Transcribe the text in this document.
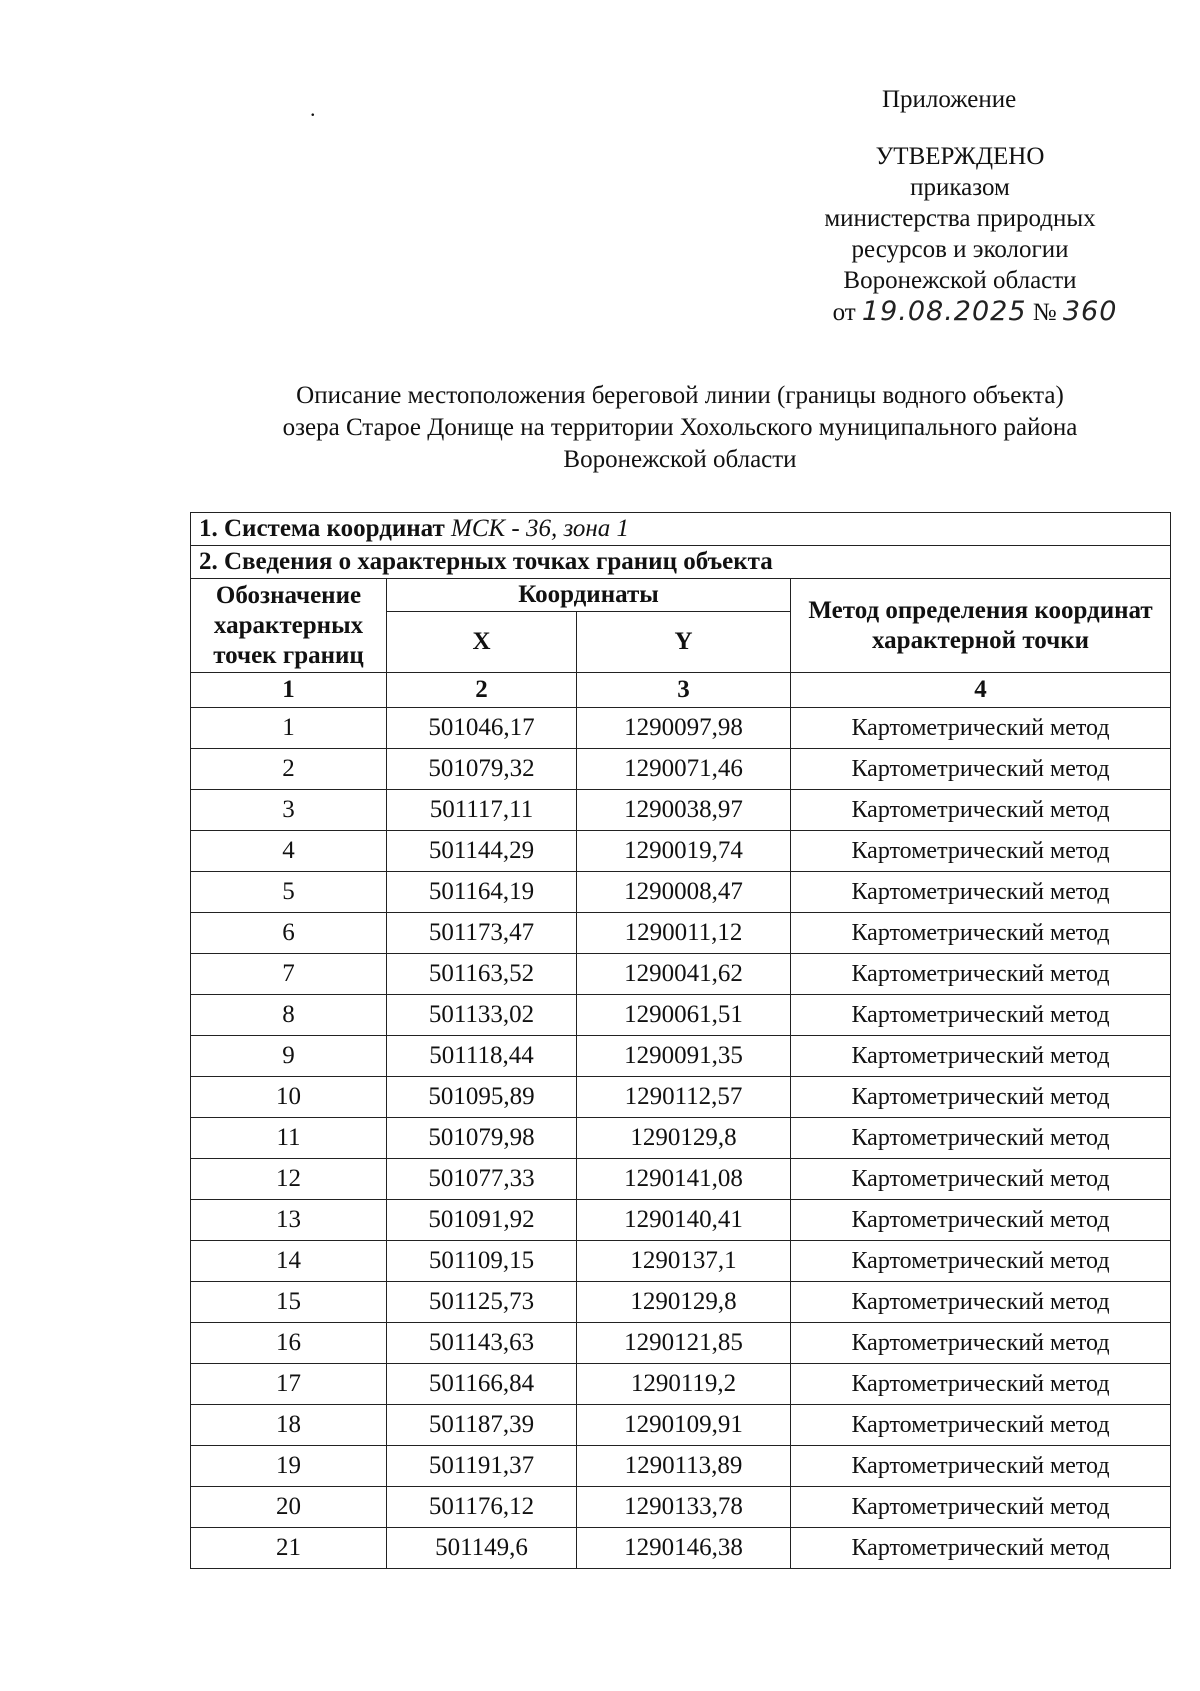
.	Приложение
УТВЕРЖДЕНО
приказом
министерства природных
ресурсов и экологии
Воронежской области
от 19.08.2025 № 360
Описание местоположения береговой линии (границы водного объекта)
озера Старое Донище на территории Хохольского муниципального района
Воронежской области
1. Система координат МСК - 36, зона 1			
2. Сведения о характерных точках границ объекта			
Обозначение характерных точек границ	Координаты		Метод определения координат характерной точки
	X	Y	
1	2	3	4
1	501046,17	1290097,98	Картометрический метод
2	501079,32	1290071,46	Картометрический метод
3	501117,11	1290038,97	Картометрический метод
4	501144,29	1290019,74	Картометрический метод
5	501164,19	1290008,47	Картометрический метод
6	501173,47	1290011,12	Картометрический метод
7	501163,52	1290041,62	Картометрический метод
8	501133,02	1290061,51	Картометрический метод
9	501118,44	1290091,35	Картометрический метод
10	501095,89	1290112,57	Картометрический метод
11	501079,98	1290129,8	Картометрический метод
12	501077,33	1290141,08	Картометрический метод
13	501091,92	1290140,41	Картометрический метод
14	501109,15	1290137,1	Картометрический метод
15	501125,73	1290129,8	Картометрический метод
16	501143,63	1290121,85	Картометрический метод
17	501166,84	1290119,2	Картометрический метод
18	501187,39	1290109,91	Картометрический метод
19	501191,37	1290113,89	Картометрический метод
20	501176,12	1290133,78	Картометрический метод
21	501149,6	1290146,38	Картометрический метод
